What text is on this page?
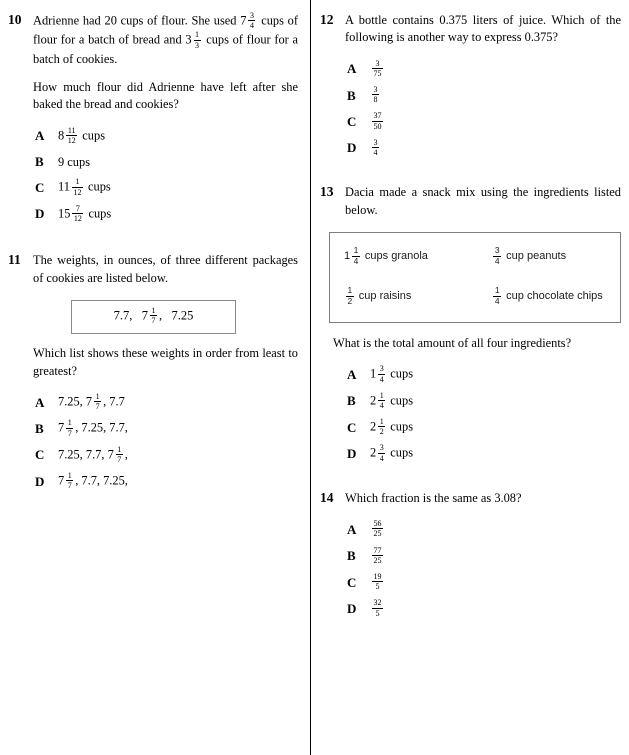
10 Adrienne had 20 cups of flour. She used $7 \frac{3}{4}$ cups of flour for a batch of bread and $3 \frac{1}{3}$ cups of flour for a batch of cookies.

How much flour did Adrienne have left after she baked the bread and cookies?

A	$8 \frac{11}{12}$ cups
B	9 cups
C	$11 \frac{1}{12}$ cups
D	$15 \frac{7}{12}$ cups
11 The weights, in ounces, of three different packages of cookies are listed below.

7.7,   $7 \frac{1}{7}$ ,   7.25

Which list shows these weights in order from least to greatest?

A	7.25, $7 \frac{1}{7}$ , 7.7
B	$7 \frac{1}{7}$ , 7.25, 7.7,
C	7.25, 7.7, $7 \frac{1}{7}$ ,
D	$7 \frac{1}{7}$ , 7.7, 7.25,
12 A bottle contains 0.375 liters of juice. Which of the following is another way to express 0.375?

A	$\frac{3}{75}$
B	$\frac{3}{8}$
C	$\frac{37}{50}$
D	$\frac{3}{4}$
13 Dacia made a snack mix using the ingredients listed below.

$1 \frac{1}{4}$ cups granola	$\frac{3}{4}$ cup peanuts
$\frac{1}{2}$ cup raisins	$\frac{1}{4}$ cup chocolate chips

What is the total amount of all four ingredients?

A	$1 \frac{3}{4}$ cups
B	$2 \frac{1}{4}$ cups
C	$2 \frac{1}{2}$ cups
D	$2 \frac{3}{4}$ cups
14 Which fraction is the same as 3.08?

A	$\frac{56}{25}$
B	$\frac{77}{25}$
C	$\frac{19}{5}$
D	$\frac{32}{5}$
